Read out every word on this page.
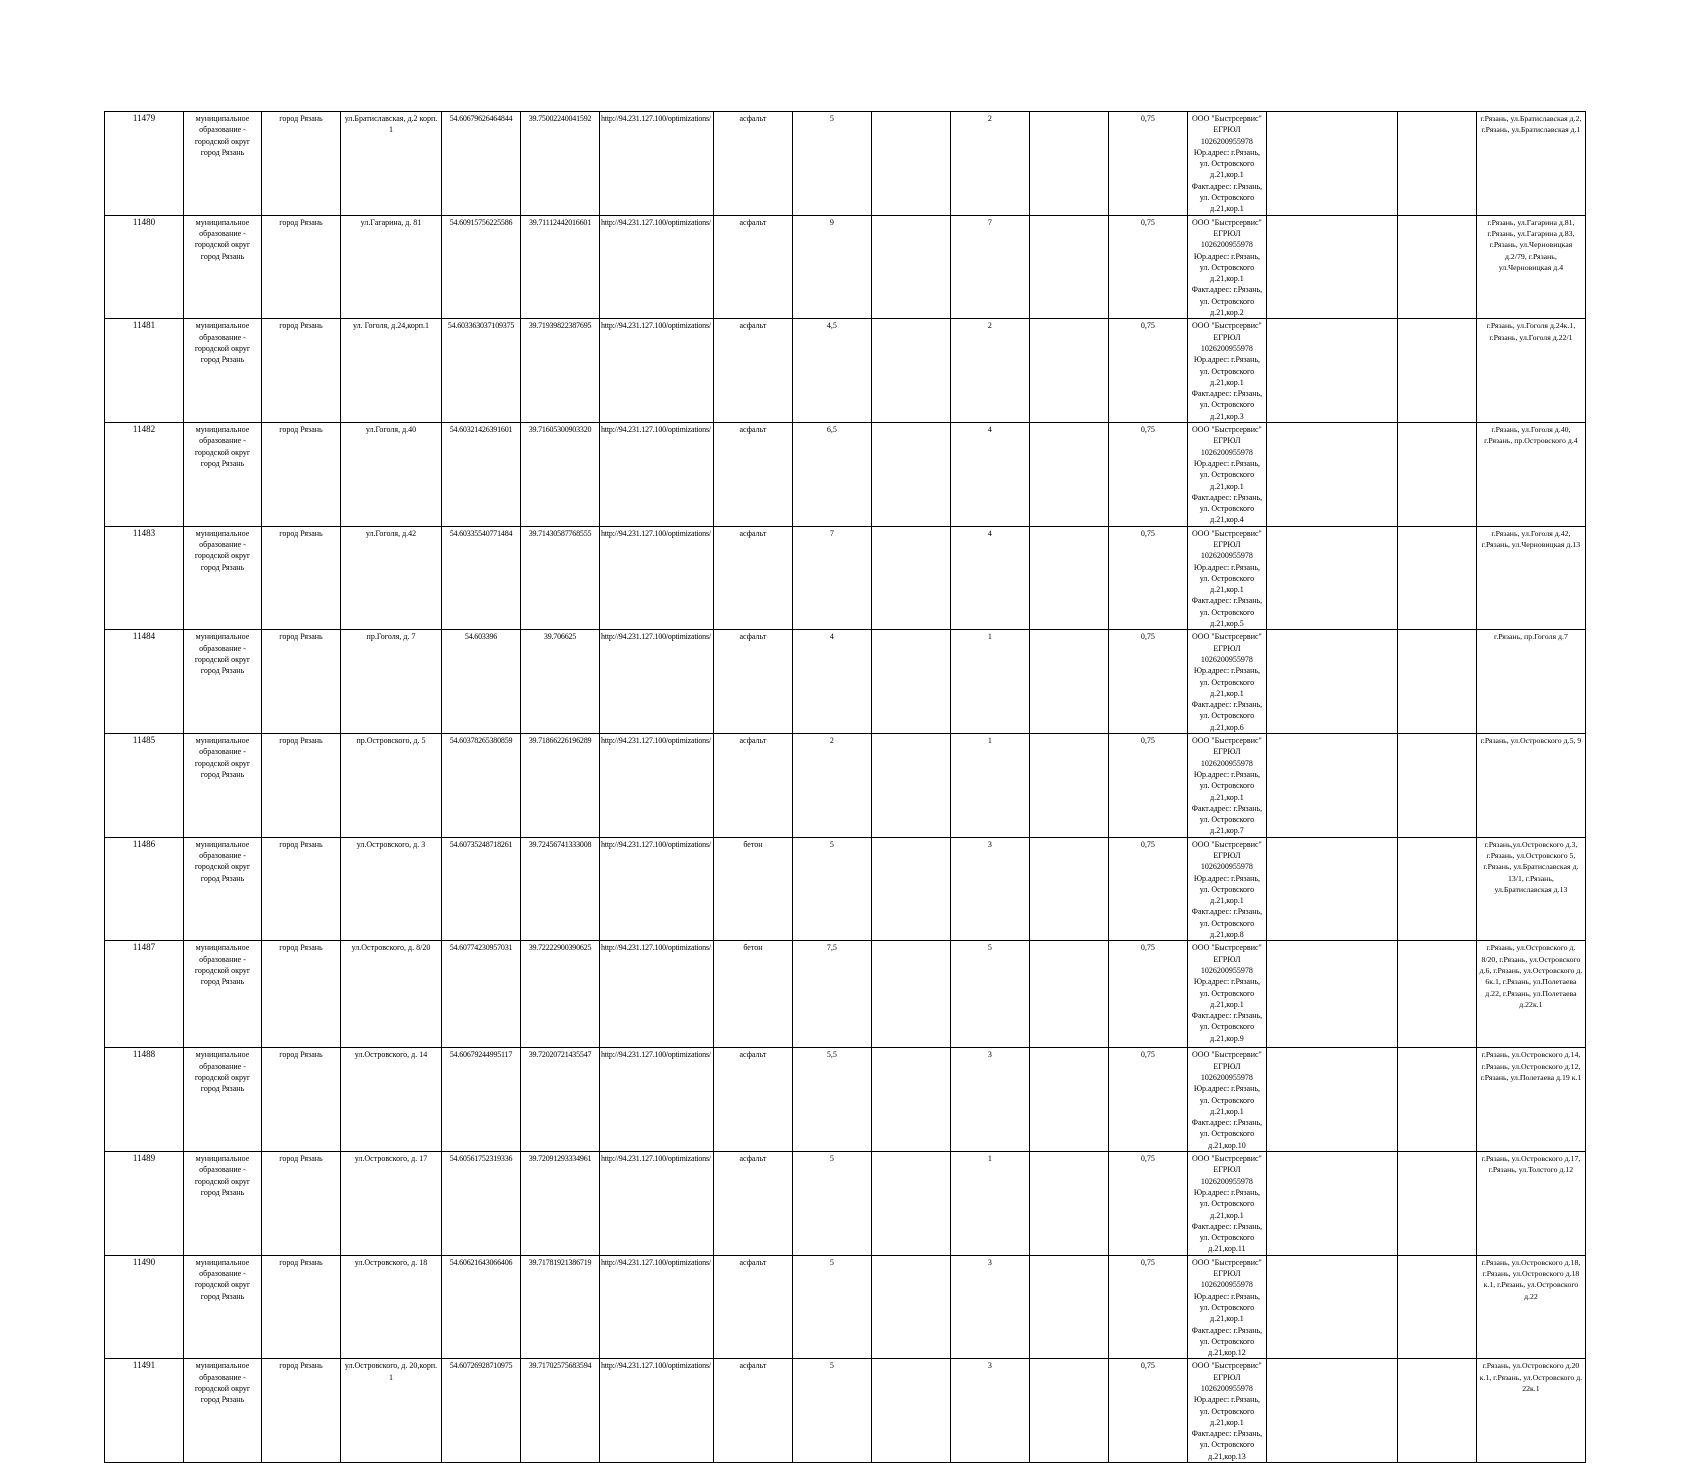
11479	муниципальное образование - городской округ город Рязань	город Рязань	ул.Братиславская, д.2 корп. 1	54.60679626464844	39.75002240041592	http://94.231.127.100/optimizations/	асфальт	5		2		0,75	ООО "Быстрсервис" ЕГРЮЛ 1026200955978 Юр.адрес: г.Рязань, ул. Островского д.21,кор.1 Факт.адрес: г.Рязань, ул. Островского д.21,кор.1			г.Рязань, ул.Братиславская д.2, г.Рязань, ул.Братиславская д.1
11480	муниципальное образование - городской округ город Рязань	город Рязань	ул.Гагарина, д. 81	54.60915756225586	39.71112442016601	http://94.231.127.100/optimizations/	асфальт	9		7		0,75	ООО "Быстрсервис" ЕГРЮЛ 1026200955978 Юр.адрес: г.Рязань, ул. Островского д.21,кор.1 Факт.адрес: г.Рязань, ул. Островского д.21,кор.2			г.Рязань, ул.Гагарина д.81, г.Рязань, ул.Гагарина д.83, г.Рязань, ул.Черновицкая д.2/79, г.Рязань, ул.Черновицкая д.4
11481	муниципальное образование - городской округ город Рязань	город Рязань	ул. Гоголя, д.24,корп.1	54.603363037109375	39.71939822387695	http://94.231.127.100/optimizations/	асфальт	4,5		2		0,75	ООО "Быстрсервис" ЕГРЮЛ 1026200955978 Юр.адрес: г.Рязань, ул. Островского д.21,кор.1 Факт.адрес: г.Рязань, ул. Островского д.21,кор.3			г.Рязань, ул.Гоголя д.24к.1, г.Рязань, ул.Гоголя д.22/1
11482	муниципальное образование - городской округ город Рязань	город Рязань	ул.Гоголя, д.40	54.60321426391601	39.71605300903320	http://94.231.127.100/optimizations/	асфальт	6,5		4		0,75	ООО "Быстрсервис" ЕГРЮЛ 1026200955978 Юр.адрес: г.Рязань, ул. Островского д.21,кор.1 Факт.адрес: г.Рязань, ул. Островского д.21,кор.4			г.Рязань, ул.Гоголя д.40, г.Рязань, пр.Островского д.4
11483	муниципальное образование - городской округ город Рязань	город Рязань	ул.Гоголя, д.42	54.60335540771484	39.71430587768555	http://94.231.127.100/optimizations/	асфальт	7		4		0,75	ООО "Быстрсервис" ЕГРЮЛ 1026200955978 Юр.адрес: г.Рязань, ул. Островского д.21,кор.1 Факт.адрес: г.Рязань, ул. Островского д.21,кор.5			г.Рязань, ул.Гоголя д.42, г.Рязань, ул.Черновицкая д.13
11484	муниципальное образование - городской округ город Рязань	город Рязань	пр.Гоголя, д. 7	54.603396	39.706625	http://94.231.127.100/optimizations/	асфальт	4		1		0,75	ООО "Быстрсервис" ЕГРЮЛ 1026200955978 Юр.адрес: г.Рязань, ул. Островского д.21,кор.1 Факт.адрес: г.Рязань, ул. Островского д.21,кор.6			г.Рязань, пр.Гоголя д.7
11485	муниципальное образование - городской округ город Рязань	город Рязань	пр.Островского, д. 5	54.60378265380859	39.71866226196289	http://94.231.127.100/optimizations/	асфальт	2		1		0,75	ООО "Быстрсервис" ЕГРЮЛ 1026200955978 Юр.адрес: г.Рязань, ул. Островского д.21,кор.1 Факт.адрес: г.Рязань, ул. Островского д.21,кор.7			г.Рязань, ул.Островского д.5, 9
11486	муниципальное образование - городской округ город Рязань	город Рязань	ул.Островского, д. 3	54.60735248718261	39.72456741333008	http://94.231.127.100/optimizations/	бетон	5		3		0,75	ООО "Быстрсервис" ЕГРЮЛ 1026200955978 Юр.адрес: г.Рязань, ул. Островского д.21,кор.1 Факт.адрес: г.Рязань, ул. Островского д.21,кор.8			г.Рязань,ул.Островского д.3, г.Рязань, ул.Островского 5, г.Рязань, ул.Братиславская д. 13/1, г.Рязань, ул.Братиславская д.13
11487	муниципальное образование - городской округ город Рязань	город Рязань	ул.Островского, д. 8/20	54.60774230957031	39.72222900390625	http://94.231.127.100/optimizations/	бетон	7,5		5		0,75	ООО "Быстрсервис" ЕГРЮЛ 1026200955978 Юр.адрес: г.Рязань, ул. Островского д.21,кор.1 Факт.адрес: г.Рязань, ул. Островского д.21,кор.9			г.Рязань, ул.Островского д. 8/20, г.Рязань, ул.Островского д.6, г.Рязань, ул.Островского д. 6к.1, г.Рязань, ул.Полетаева д.22, г.Рязань, ул.Полетаева д.22к.1
11488	муниципальное образование - городской округ город Рязань	город Рязань	ул.Островского, д. 14	54.60679244995117	39.72020721435547	http://94.231.127.100/optimizations/	асфальт	5,5		3		0,75	ООО "Быстрсервис" ЕГРЮЛ 1026200955978 Юр.адрес: г.Рязань, ул. Островского д.21,кор.1 Факт.адрес: г.Рязань, ул. Островского д.21,кор.10			г.Рязань, ул.Островского д.14, г.Рязань, ул.Островского д.12, г.Рязань, ул.Полетаева д.19 к.1
11489	муниципальное образование - городской округ город Рязань	город Рязань	ул.Островского, д. 17	54.60561752319336	39.72091293334961	http://94.231.127.100/optimizations/	асфальт	5		1		0,75	ООО "Быстрсервис" ЕГРЮЛ 1026200955978 Юр.адрес: г.Рязань, ул. Островского д.21,кор.1 Факт.адрес: г.Рязань, ул. Островского д.21,кор.11			г.Рязань, ул.Островского д.17, г.Рязань, ул.Толстого д.12
11490	муниципальное образование - городской округ город Рязань	город Рязань	ул.Островского, д. 18	54.60621643066406	39.71781921386719	http://94.231.127.100/optimizations/	асфальт	5		3		0,75	ООО "Быстрсервис" ЕГРЮЛ 1026200955978 Юр.адрес: г.Рязань, ул. Островского д.21,кор.1 Факт.адрес: г.Рязань, ул. Островского д.21,кор.12			г.Рязань, ул.Островского д.18, г.Рязань, ул.Островского д.18 к.1, г.Рязань, ул.Островского д.22
11491	муниципальное образование - городской округ город Рязань	город Рязань	ул.Островского, д. 20,корп. 1	54.60726928710975	39.71702575683594	http://94.231.127.100/optimizations/	асфальт	5		3		0,75	ООО "Быстрсервис" ЕГРЮЛ 1026200955978 Юр.адрес: г.Рязань, ул. Островского д.21,кор.1 Факт.адрес: г.Рязань, ул. Островского д.21,кор.13			г.Рязань, ул.Островского д.20 к.1, г.Рязань, ул.Островского д. 22к.1
